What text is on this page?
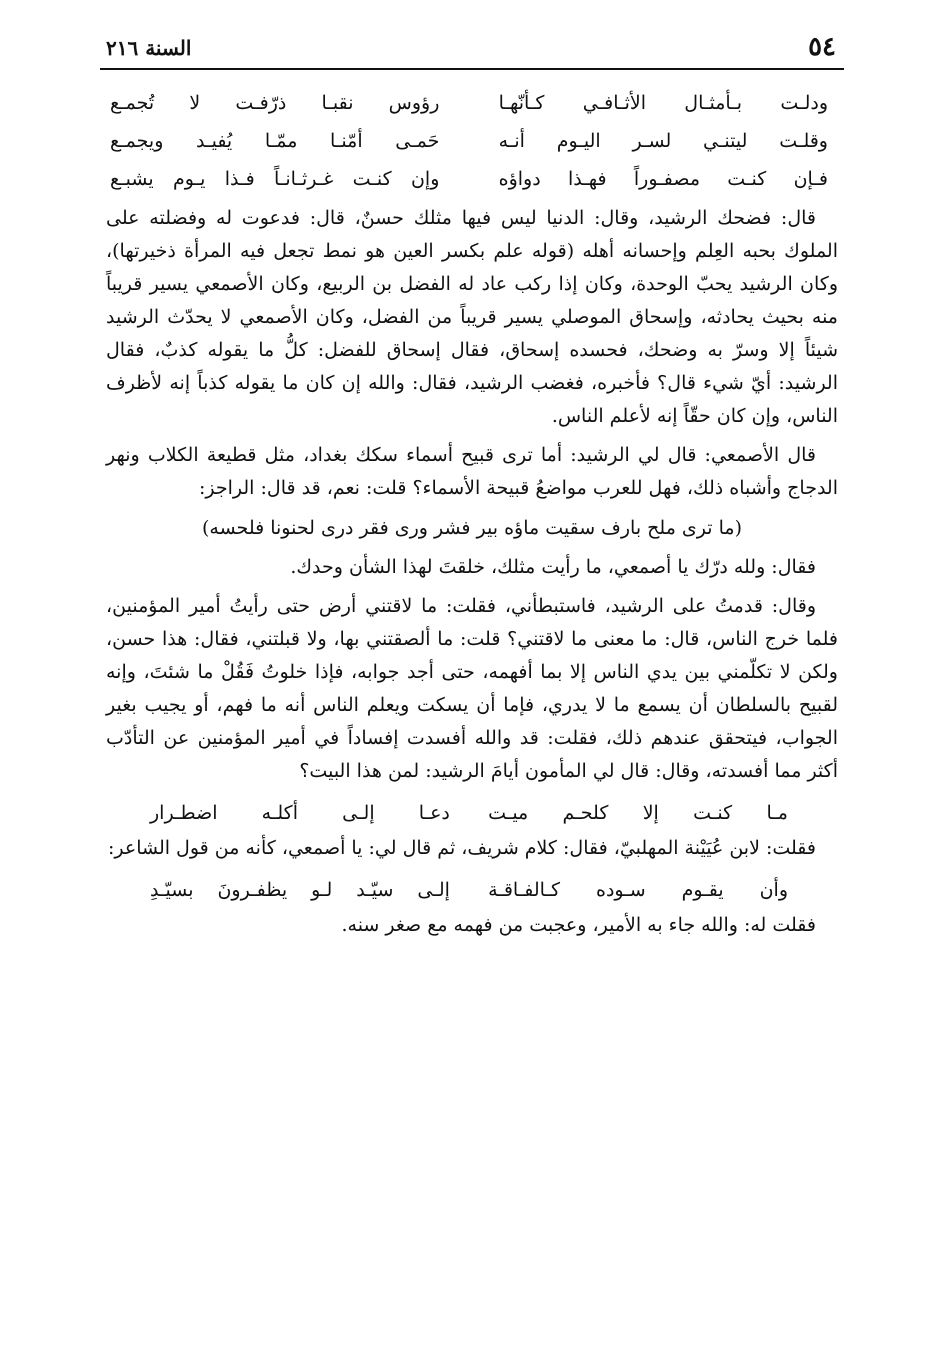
٥٤
السنة ٢١٦
ودلـت بـأمثـال الأثـافـي كـأنّهـا
رؤوس نقبـا ذرّفـت لا تُجمـع
وقلـت ليتنـي لسـر اليـوم أنـه
حَمـى أمّنـا ممّـا يُفيـد ويجمـع
فـإن كنـت مصفـوراً فهـذا دواؤه
وإن كنـت غـرثـانـاً فـذا يـوم يشبـع

قال: فضحك الرشيد، وقال: الدنيا ليس فيها مثلك حسنٌ، قال: فدعوت له وفضلته على الملوك بحبه العِلم وإحسانه أهله (قوله علم بكسر العين هو نمط تجعل فيه المرأة ذخيرتها)، وكان الرشيد يحبّ الوحدة، وكان إذا ركب عاد له الفضل بن الربيع، وكان الأصمعي يسير قريباً منه بحيث يحادثه، وإسحاق الموصلي يسير قريباً من الفضل، وكان الأصمعي لا يحدّث الرشيد شيئاً إلا وسرّ به وضحك، فحسده إسحاق، فقال إسحاق للفضل: كلُّ ما يقوله كذبٌ، فقال الرشيد: أيّ شيء قال؟ فأخبره، فغضب الرشيد، فقال: والله إن كان ما يقوله كذباً إنه لأظرف الناس، وإن كان حقّاً إنه لأعلم الناس.

قال الأصمعي: قال لي الرشيد: أما ترى قبيح أسماء سكك بغداد، مثل قطيعة الكلاب ونهر الدجاج وأشباه ذلك، فهل للعرب مواضعُ قبيحة الأسماء؟ قلت: نعم، قد قال: الراجز:

(ما ترى ملح بارف سقيت ماؤه بير فشر ورى فقر درى لحنونا فلحسه)

فقال: ولله درّك يا أصمعي، ما رأيت مثلك، خلقتَ لهذا الشأن وحدك.

وقال: قدمتُ على الرشيد، فاستبطأني، فقلت: ما لاقتني أرض حتى رأيتُ أمير المؤمنين، فلما خرج الناس، قال: ما معنى ما لاقتني؟ قلت: ما ألصقتني بها، ولا قبلتني، فقال: هذا حسن، ولكن لا تكلّمني بين يدي الناس إلا بما أفهمه، حتى أجد جوابه، فإذا خلوتُ فَقُلْ ما شئتَ، وإنه لقبيح بالسلطان أن يسمع ما لا يدري، فإما أن يسكت ويعلم الناس أنه ما فهم، أو يجيب بغير الجواب، فيتحقق عندهم ذلك، فقلت: قد والله أفسدت إفساداً في أمير المؤمنين عن التأدّب أكثر مما أفسدته، وقال: قال لي المأمون أيامَ الرشيد: لمن هذا البيت؟

مـا كنـت إلا كلحـم ميـت
دعـا إلـى أكلـه اضطـرار

فقلت: لابن عُيَيْنة المهلبيّ، فقال: كلام شريف، ثم قال لي: يا أصمعي، كأنه من قول الشاعر:

وأن يقـوم سـوده كـالفـاقـة
إلـى سيّـد لـو يظفـرونَ بسيّـدِ

فقلت له: والله جاء به الأمير، وعجبت من فهمه مع صغر سنه.
